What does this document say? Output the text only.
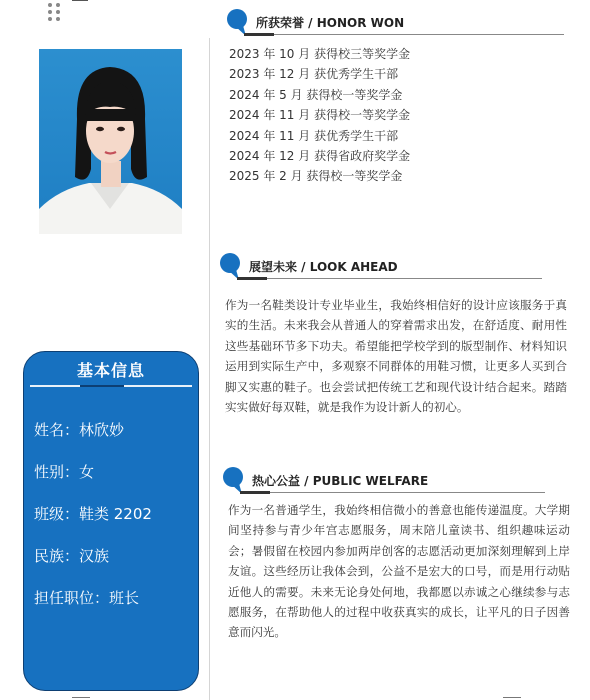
基本信息
姓名：林欣妙
性别：女
班级：鞋类 2202
民族：汉族
担任职位：班长
所获荣誉 / HONOR WON
2023 年 10 月 获得校三等奖学金
2023 年 12 月 获优秀学生干部
2024 年 5 月 获得校一等奖学金
2024 年 11 月 获得校一等奖学金
2024 年 11 月 获优秀学生干部
2024 年 12 月 获得省政府奖学金
2025 年 2 月 获得校一等奖学金
展望未来 / LOOK AHEAD

作为一名鞋类设计专业毕业生，我始终相信好的设计应该服务于真实的生活。未来我会从普通人的穿着需求出发，在舒适度、耐用性这些基础环节多下功夫。希望能把学校学到的版型制作、材料知识运用到实际生产中，多观察不同群体的用鞋习惯，让更多人买到合脚又实惠的鞋子。也会尝试把传统工艺和现代设计结合起来。踏踏实实做好每双鞋，就是我作为设计新人的初心。

热心公益 / PUBLIC WELFARE

作为一名普通学生，我始终相信微小的善意也能传递温度。大学期间坚持参与青少年宫志愿服务，周末陪儿童读书、组织趣味运动会；暑假留在校园内参加两岸创客的志愿活动更加深刻理解到上岸友谊。这些经历让我体会到，公益不是宏大的口号，而是用行动贴近他人的需要。未来无论身处何地，我都愿以赤诚之心继续参与志愿服务，在帮助他人的过程中收获真实的成长，让平凡的日子因善意而闪光。
